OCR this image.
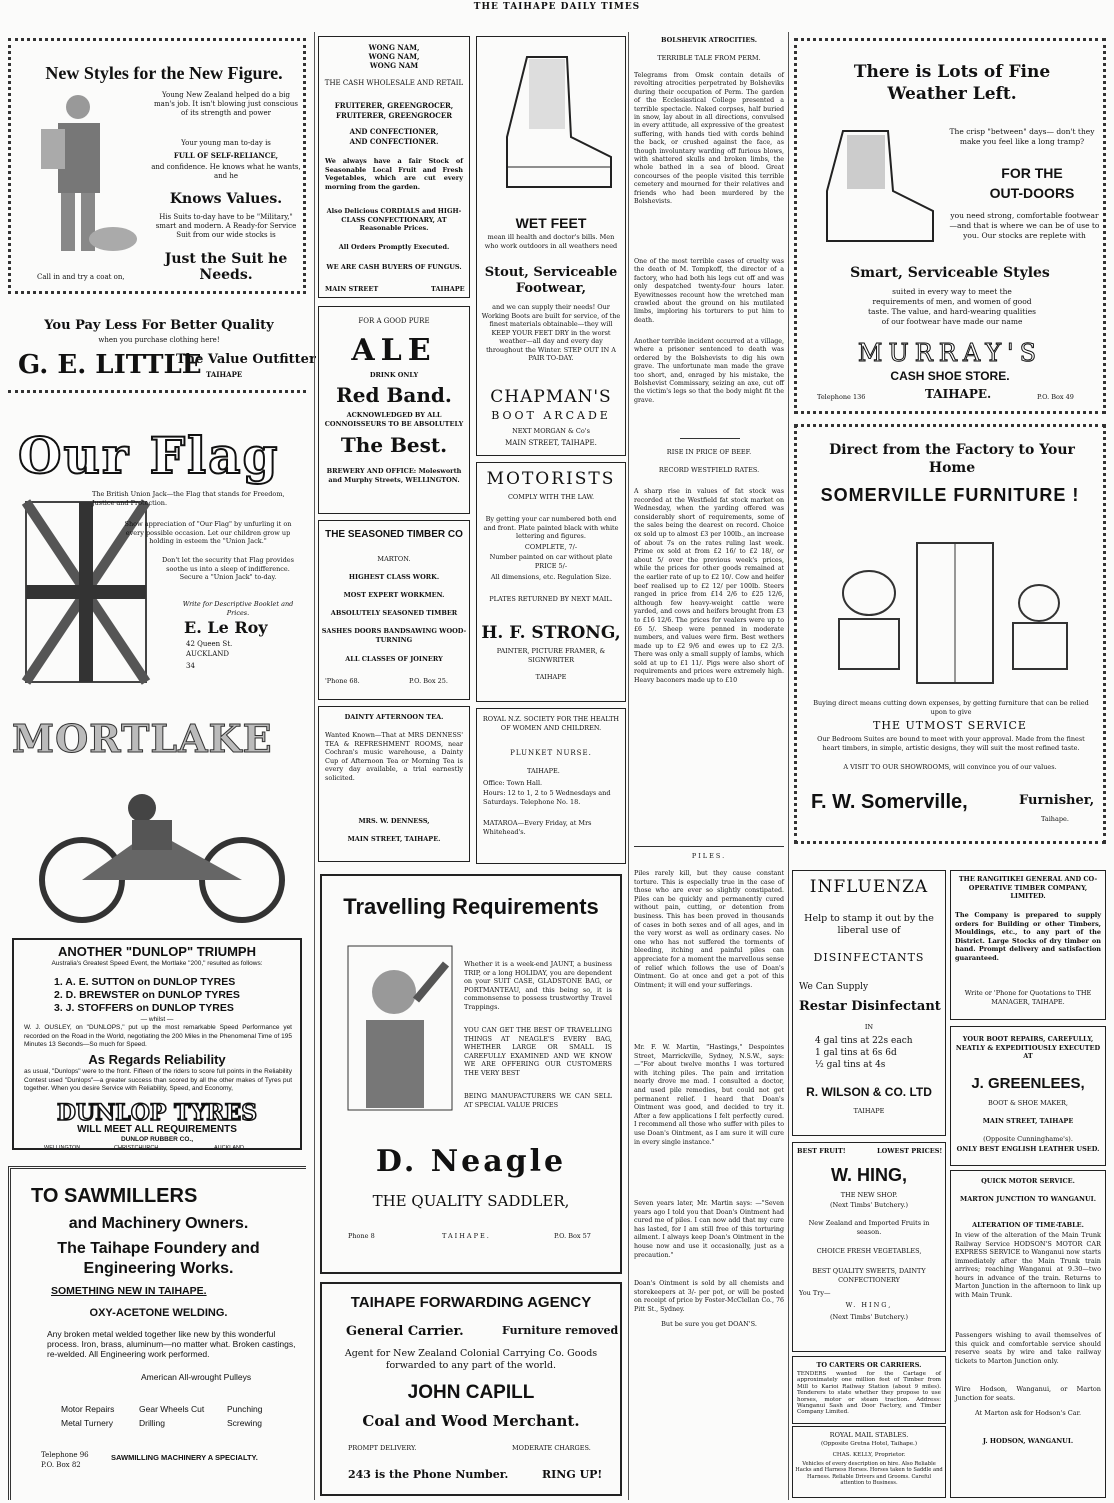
THE TAIHAPE DAILY TIMES
New Styles for the New Figure.
Young New Zealand helped do a big man's job. It isn't blowing just conscious of its strength and power
Your young man to-day is
FULL OF SELF-RELIANCE,
and confidence. He knows what he wants, and he
Knows Values.
His Suits to-day have to be "Military," smart and modern. A Ready-for Service Suit from our wide stocks is
Just the Suit he Needs.
Call in and try a coat on,
You Pay Less For Better Quality
when you purchase clothing here!
G. E. LITTLE
The Value Outfitter
TAIHAPE
Our Flag
The British Union Jack—the Flag that stands for Freedom, Justice and Protection.
Show appreciation of "Our Flag" by unfurling it on every possible occasion. Let our children grow up holding in esteem the "Union Jack."
Don't let the security that Flag provides soothe us into a sleep of indifference. Secure a "Union Jack" to-day.
Write for Descriptive Booklet and Prices.
E. Le Roy
42 Queen St.
AUCKLAND
34
MORTLAKE
ANOTHER "DUNLOP" TRIUMPH
Australia's Greatest Speed Event, the Mortlake "200," resulted as follows:
1. A. E. SUTTON on DUNLOP TYRES
2. D. BREWSTER on DUNLOP TYRES
3. J. STOFFERS on DUNLOP TYRES
— whilst —
W. J. OUSLEY, on "DUNLOPS," put up the most remarkable Speed Performance yet recorded on the Road in the World, negotiating the 200 Miles in the Phenomenal Time of 195 Minutes 13 Seconds—So much for Speed.
As Regards Reliability
as usual, "Dunlops" were to the front. Fifteen of the riders to score full points in the Reliability Contest used "Dunlops"—a greater success than scored by all the other makes of Tyres put together. When you desire Service with Reliability, Speed, and Economy,
DUNLOP TYRES
WILL MEET ALL REQUIREMENTS
DUNLOP RUBBER CO.,
WELLINGTON	CHRISTCHURCH	AUCKLAND
TO SAWMILLERS
and Machinery Owners.
The Taihape Foundery and Engineering Works.
SOMETHING NEW IN TAIHAPE.
OXY-ACETONE WELDING.
Any broken metal welded together like new by this wonderful process. Iron, brass, aluminum—no matter what. Broken castings, re-welded. All Engineering work performed.
American All-wrought Pulleys
Motor Repairs	Gear Wheels Cut	Punching
Metal Turnery	Drilling	Screwing
Telephone 96
P.O. Box 82
SAWMILLING MACHINERY A SPECIALTY.
WONG NAM,
WONG NAM,
WONG NAM
THE CASH WHOLESALE AND RETAIL
FRUITERER, GREENGROCER,
FRUITERER, GREENGROCER
AND CONFECTIONER,
AND CONFECTIONER.
We always have a fair Stock of Seasonable Local Fruit and Fresh Vegetables, which are cut every morning from the garden.
Also Delicious CORDIALS and HIGH-CLASS CONFECTIONARY, AT Reasonable Prices.
All Orders Promptly Executed.
WE ARE CASH BUYERS OF FUNGUS.
MAIN STREET	TAIHAPE
FOR A GOOD PURE
ALE
DRINK ONLY
Red Band.
ACKNOWLEDGED BY ALL CONNOISSEURS TO BE ABSOLUTELY
The Best.
BREWERY AND OFFICE: Molesworth and Murphy Streets, WELLINGTON.
THE SEASONED TIMBER CO
MARTON.
HIGHEST CLASS WORK.
MOST EXPERT WORKMEN.
ABSOLUTELY SEASONED TIMBER
SASHES DOORS BANDSAWING WOOD-TURNING
ALL CLASSES OF JOINERY
'Phone 68.	P.O. Box 25.
DAINTY AFTERNOON TEA.
Wanted Known—That at MRS DENNESS' TEA & REFRESHMENT ROOMS, near Cochran's music warehouse, a Dainty Cup of Afternoon Tea or Morning Tea is every day available, a trial earnestly solicited.
MRS. W. DENNESS,
MAIN STREET, TAIHAPE.
Travelling Requirements
Whether it is a week-end JAUNT, a business TRIP, or a long HOLIDAY, you are dependent on your SUIT CASE, GLADSTONE BAG, or PORTMANTEAU, and this being so, it is commonsense to possess trustworthy Travel Trappings.
YOU CAN GET THE BEST OF TRAVELLING THINGS AT NEAGLE'S EVERY BAG, WHETHER LARGE OR SMALL IS CAREFULLY EXAMINED AND WE KNOW WE ARE OFFERING OUR CUSTOMERS THE VERY BEST
BEING MANUFACTURERS WE CAN SELL AT SPECIAL VALUE PRICES
D. Neagle
THE QUALITY SADDLER,
Phone 8	TAIHAPE.	P.O. Box 57
TAIHAPE FORWARDING AGENCY
General Carrier.	Furniture removed
Agent for New Zealand Colonial Carrying Co. Goods forwarded to any part of the world.
JOHN CAPILL
Coal and Wood Merchant.
PROMPT DELIVERY.	MODERATE CHARGES.
243 is the Phone Number.	RING UP!
WET FEET
mean ill health and doctor's bills. Men who work outdoors in all weathers need
Stout, Serviceable Footwear,
and we can supply their needs! Our Working Boots are built for service, of the finest materials obtainable—they will KEEP YOUR FEET DRY in the worst weather—all day and every day throughout the Winter. STEP OUT IN A PAIR TO-DAY.
CHAPMAN'S
BOOT ARCADE
NEXT MORGAN & Co's
MAIN STREET, TAIHAPE.
MOTORISTS
COMPLY WITH THE LAW.
By getting your car numbered both end and front. Plate painted black with white lettering and figures.
COMPLETE, 7/-
Number painted on car without plate PRICE 5/-
All dimensions, etc. Regulation Size.
PLATES RETURNED BY NEXT MAIL.
H. F. STRONG,
PAINTER, PICTURE FRAMER, & SIGNWRITER
TAIHAPE
ROYAL N.Z. SOCIETY FOR THE HEALTH OF WOMEN AND CHILDREN.
PLUNKET NURSE.
TAIHAPE.
Office: Town Hall.
Hours: 12 to 1, 2 to 5 Wednesdays and Saturdays. Telephone No. 18.
MATAROA—Every Friday, at Mrs Whitehead's.
BOLSHEVIK ATROCITIES.
TERRIBLE TALE FROM PERM.
Telegrams from Omsk contain details of revolting atrocities perpetrated by Bolsheviks during their occupation of Perm. The garden of the Ecclesiastical College presented a terrible spectacle. Naked corpses, half buried in snow, lay about in all directions, convulsed in every attitude, all expressive of the greatest suffering, with hands tied with cords behind the back, or crushed against the face, as though involuntary warding off furious blows, with shattered skulls and broken limbs, the whole bathed in a sea of blood. Great concourses of the people visited this terrible cemetery and mourned for their relatives and friends who had been murdered by the Bolshevists.
One of the most terrible cases of cruelty was the death of M. Tompkoff, the director of a factory, who had both his legs cut off and was only despatched twenty-four hours later. Eyewitnesses recount how the wretched man crawled about the ground on his mutilated limbs, imploring his torturers to put him to death.
Another terrible incident occurred at a village, where a prisoner sentenced to death was ordered by the Bolshevists to dig his own grave. The unfortunate man made the grave too short, and, enraged by his mistake, the Bolshevist Commissary, seizing an axe, cut off the victim's legs so that the body might fit the grave.
RISE IN PRICE OF BEEF.
RECORD WESTFIELD RATES.
A sharp rise in values of fat stock was recorded at the Westfield fat stock market on Wednesday, when the yarding offered was considerably short of requirements, some of the sales being the dearest on record. Choice ox sold up to almost £3 per 100lb., an increase of about 7s on the rates ruling last week. Prime ox sold at from £2 16/ to £2 18/, or about 5/ over the previous week's prices, while the prices for other goods remained at the earlier rate of up to £2 10/. Cow and heifer beef realised up to £2 12/ per 100lb. Steers ranged in price from £14 2/6 to £25 12/6, although few heavy-weight cattle were yarded, and cows and heifers brought from £3 to £16 12/6. The prices for vealers were up to £6 5/. Sheep were penned in moderate numbers, and values were firm. Best wethers made up to £2 9/6 and ewes up to £2 2/3. There was only a small supply of lambs, which sold at up to £1 11/. Pigs were also short of requirements and prices were extremely high. Heavy baconers made up to £10
PILES.
Piles rarely kill, but they cause constant torture. This is especially true in the case of those who are ever so slightly constipated. Piles can be quickly and permanently cured without pain, cutting, or detention from business. This has been proved in thousands of cases in both sexes and of all ages, and in the very worst as well as ordinary cases. No one who has not suffered the torments of bleeding, itching and painful piles can appreciate for a moment the marvellous sense of relief which follows the use of Doan's Ointment. Go at once and get a pot of this Ointment; it will end your sufferings.
Mr. F. W. Martin, "Hastings," Despointes Street, Marrickville, Sydney, N.S.W., says:—"For about twelve months I was tortured with itching piles. The pain and irritation nearly drove me mad. I consulted a doctor, and used pile remedies, but could not get permanent relief. I heard that Doan's Ointment was good, and decided to try it. After a few applications I felt perfectly cured. I recommend all those who suffer with piles to use Doan's Ointment, as I am sure it will cure in every single instance."
Seven years later, Mr. Martin says: —"Seven years ago I told you that Doan's Ointment had cured me of piles. I can now add that my cure has lasted, for I am still free of this torturing ailment. I always keep Doan's Ointment in the house now and use it occasionally, just as a precaution."
Doan's Ointment is sold by all chemists and storekeepers at 3/- per pot, or will be posted on receipt of price by Foster-McClellan Co., 76 Pitt St., Sydney.
But be sure you get DOAN'S.
There is Lots of Fine Weather Left.
The crisp "between" days— don't they make you feel like a long tramp?
FOR THE OUT-DOORS
you need strong, comfortable footwear—and that is where we can be of use to you. Our stocks are replete with
Smart, Serviceable Styles
suited in every way to meet the requirements of men, and women of good taste. The value, and hard-wearing qualities of our footwear have made our name
MURRAY'S
CASH SHOE STORE.
Telephone 136	TAIHAPE.	P.O. Box 49
Direct from the Factory to Your Home
SOMERVILLE FURNITURE !
Buying direct means cutting down expenses, by getting furniture that can be relied upon to give
THE UTMOST SERVICE
Our Bedroom Suites are bound to meet with your approval. Made from the finest heart timbers, in simple, artistic designs, they will suit the most refined taste.
A VISIT TO OUR SHOWROOMS, will convince you of our values.
F. W. Somerville,	Furnisher,
Taihape.
INFLUENZA
Help to stamp it out by the liberal use of
DISINFECTANTS
We Can Supply
Restar Disinfectant
IN
4 gal tins at 22s each
1 gal tins at 6s 6d
½ gal tins at 4s
R. WILSON & CO. LTD
TAIHAPE
BEST FRUIT!	LOWEST PRICES!
W. HING,
THE NEW SHOP.
(Next Timbs' Butchery.)
New Zealand and Imported Fruits in season.
CHOICE FRESH VEGETABLES,
BEST QUALITY SWEETS, DAINTY CONFECTIONERY
You Try—
W. HING,
(Next Timbs' Butchery.)
TO CARTERS OR CARRIERS.
TENDERS wanted for the Cartage of approximately one million feet of Timber from Mill to Karioi Railway Station (about 9 miles). Tenderers to state whether they propose to use horses, motor or steam traction. Address: Wanganui Sash and Door Factory, and Timber Company Limited.
ROYAL MAIL STABLES.
(Opposite Gretna Hotel, Taihape.)
CHAS. KELLY, Proprietor.
Vehicles of every description on hire. Also Reliable Hacks and Harness Horses. Horses taken to Saddle and Harness. Reliable Drivers and Grooms. Careful attention to Business.
THE RANGITIKEI GENERAL AND CO-OPERATIVE TIMBER COMPANY, LIMITED.
The Company is prepared to supply orders for Building or other Timbers, Mouldings, etc., to any part of the District. Large Stocks of dry timber on hand. Prompt delivery and satisfaction guaranteed.
Write or 'Phone for Quotations to THE MANAGER, TAIHAPE.
YOUR BOOT REPAIRS, CAREFULLY, NEATLY & EXPEDITIOUSLY EXECUTED AT
J. GREENLEES,
BOOT & SHOE MAKER,
MAIN STREET, TAIHAPE
(Opposite Cunninghame's).
ONLY BEST ENGLISH LEATHER USED.
QUICK MOTOR SERVICE.
MARTON JUNCTION TO WANGANUI.
ALTERATION OF TIME-TABLE.
In view of the alteration of the Main Trunk Railway Service HODSON'S MOTOR CAR EXPRESS SERVICE to Wanganui now starts immediately after the Main Trunk train arrives; reaching Wanganui at 9.30—two hours in advance of the train. Returns to Marton Junction in the afternoon to link up with Main Trunk.
Passengers wishing to avail themselves of this quick and comfortable service should reserve seats by wire and take railway tickets to Marton Junction only.
Wire Hodson, Wanganui, or Marton Junction for seats.
At Marton ask for Hodson's Car.
J. HODSON, WANGANUI.
